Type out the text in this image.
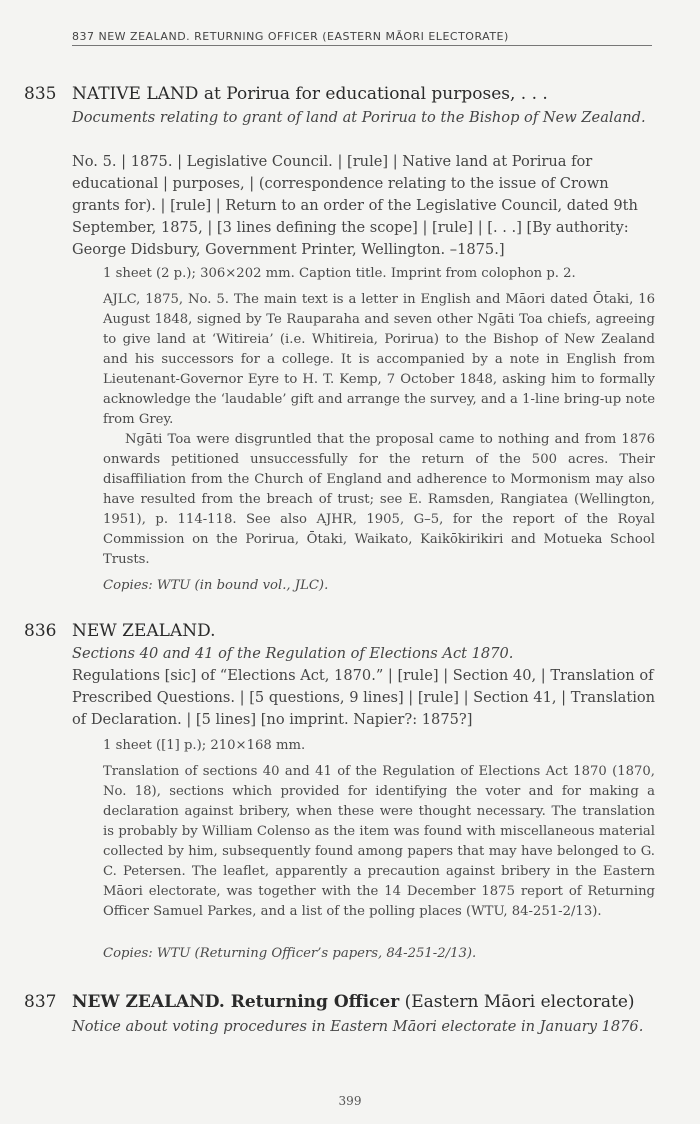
837 NEW ZEALAND. RETURNING OFFICER (EASTERN MĀORI ELECTORATE)
835 NATIVE LAND at Porirua for educational purposes, . . .
Documents relating to grant of land at Porirua to the Bishop of New Zealand.
No. 5. | 1875. | Legislative Council. | [rule] | Native land at Porirua for educational | purposes, | (correspondence relating to the issue of Crown grants for). | [rule] | Return to an order of the Legislative Council, dated 9th September, 1875, | [3 lines defining the scope] | [rule] | [. . .] [By authority: George Didsbury, Government Printer, Wellington. –1875.]
1 sheet (2 p.); 306×202 mm. Caption title. Imprint from colophon p. 2.
AJLC, 1875, No. 5. The main text is a letter in English and Māori dated Ōtaki, 16 August 1848, signed by Te Rauparaha and seven other Ngāti Toa chiefs, agreeing to give land at ‘Witireia’ (i.e. Whitireia, Porirua) to the Bishop of New Zealand and his successors for a college. It is accompanied by a note in English from Lieutenant-Governor Eyre to H. T. Kemp, 7 October 1848, asking him to formally acknowledge the ‘laudable’ gift and arrange the survey, and a 1-line bring-up note from Grey.
Ngāti Toa were disgruntled that the proposal came to nothing and from 1876 onwards petitioned unsuccessfully for the return of the 500 acres. Their disaffiliation from the Church of England and adherence to Mormonism may also have resulted from the breach of trust; see E. Ramsden, Rangiatea (Wellington, 1951), p. 114-118. See also AJHR, 1905, G–5, for the report of the Royal Commission on the Porirua, Ōtaki, Waikato, Kaikōkirikiri and Motueka School Trusts.
Copies: WTU (in bound vol., JLC).
836 NEW ZEALAND.
Sections 40 and 41 of the Regulation of Elections Act 1870.
Regulations [sic] of “Elections Act, 1870.” | [rule] | Section 40, | Translation of Prescribed Questions. | [5 questions, 9 lines] | [rule] | Section 41, | Translation of Declaration. | [5 lines] [no imprint. Napier?: 1875?]
1 sheet ([1] p.); 210×168 mm.
Translation of sections 40 and 41 of the Regulation of Elections Act 1870 (1870, No. 18), sections which provided for identifying the voter and for making a declaration against bribery, when these were thought necessary. The translation is probably by William Colenso as the item was found with miscellaneous material collected by him, subsequently found among papers that may have belonged to G. C. Petersen. The leaflet, apparently a precaution against bribery in the Eastern Māori electorate, was together with the 14 December 1875 report of Returning Officer Samuel Parkes, and a list of the polling places (WTU, 84-251-2/13).
Copies: WTU (Returning Officer’s papers, 84-251-2/13).
837 NEW ZEALAND. Returning Officer (Eastern Māori electorate)
Notice about voting procedures in Eastern Māori electorate in January 1876.
399
